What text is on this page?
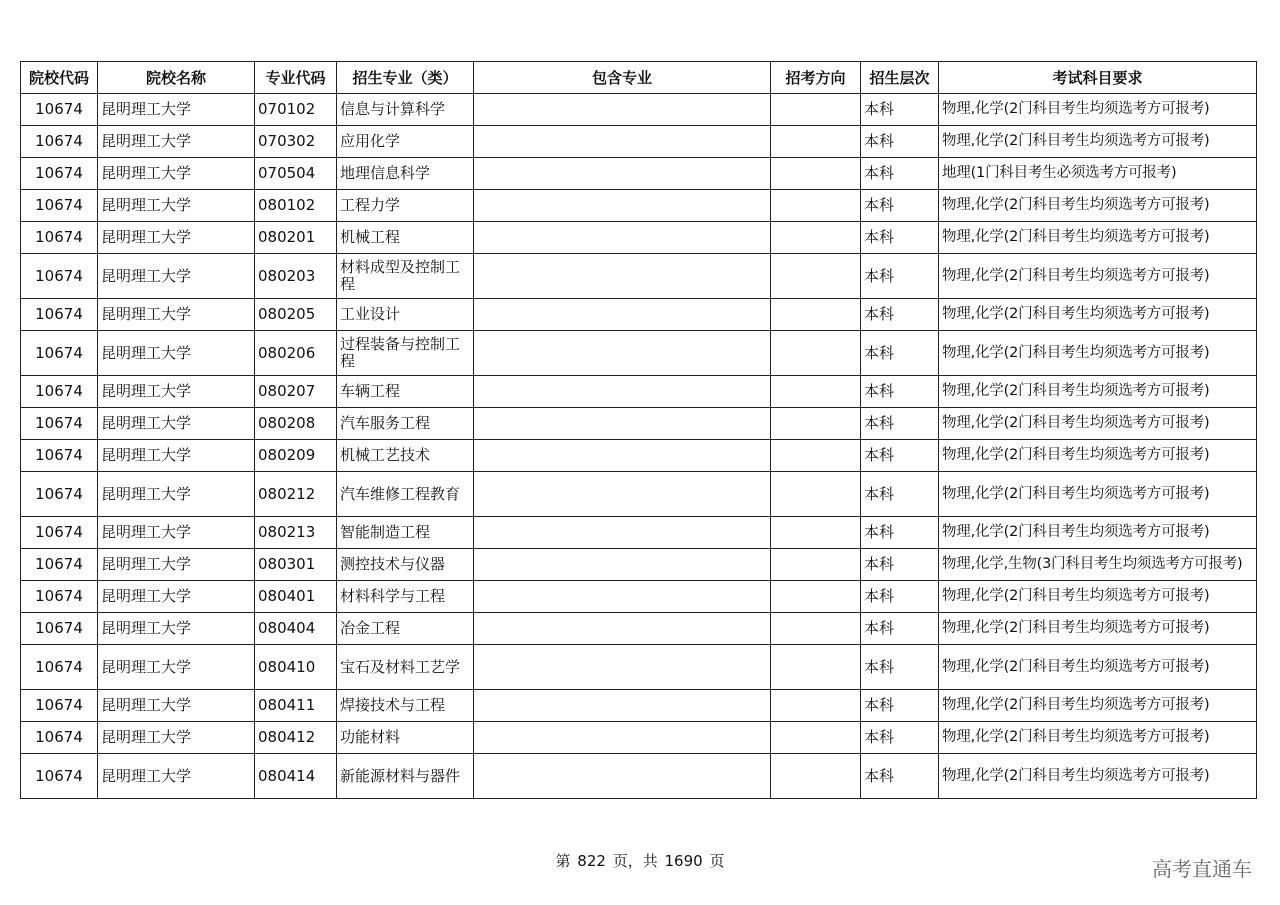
院校代码	院校名称	专业代码	招生专业（类）	包含专业	招考方向	招生层次	考试科目要求
10674	昆明理工大学	070102	信息与计算科学			本科	物理,化学(2门科目考生均须选考方可报考)
10674	昆明理工大学	070302	应用化学			本科	物理,化学(2门科目考生均须选考方可报考)
10674	昆明理工大学	070504	地理信息科学			本科	地理(1门科目考生必须选考方可报考)
10674	昆明理工大学	080102	工程力学			本科	物理,化学(2门科目考生均须选考方可报考)
10674	昆明理工大学	080201	机械工程			本科	物理,化学(2门科目考生均须选考方可报考)
10674	昆明理工大学	080203	材料成型及控制工程			本科	物理,化学(2门科目考生均须选考方可报考)
10674	昆明理工大学	080205	工业设计			本科	物理,化学(2门科目考生均须选考方可报考)
10674	昆明理工大学	080206	过程装备与控制工程			本科	物理,化学(2门科目考生均须选考方可报考)
10674	昆明理工大学	080207	车辆工程			本科	物理,化学(2门科目考生均须选考方可报考)
10674	昆明理工大学	080208	汽车服务工程			本科	物理,化学(2门科目考生均须选考方可报考)
10674	昆明理工大学	080209	机械工艺技术			本科	物理,化学(2门科目考生均须选考方可报考)
10674	昆明理工大学	080212	汽车维修工程教育			本科	物理,化学(2门科目考生均须选考方可报考)
10674	昆明理工大学	080213	智能制造工程			本科	物理,化学(2门科目考生均须选考方可报考)
10674	昆明理工大学	080301	测控技术与仪器			本科	物理,化学,生物(3门科目考生均须选考方可报考)
10674	昆明理工大学	080401	材料科学与工程			本科	物理,化学(2门科目考生均须选考方可报考)
10674	昆明理工大学	080404	冶金工程			本科	物理,化学(2门科目考生均须选考方可报考)
10674	昆明理工大学	080410	宝石及材料工艺学			本科	物理,化学(2门科目考生均须选考方可报考)
10674	昆明理工大学	080411	焊接技术与工程			本科	物理,化学(2门科目考生均须选考方可报考)
10674	昆明理工大学	080412	功能材料			本科	物理,化学(2门科目考生均须选考方可报考)
10674	昆明理工大学	080414	新能源材料与器件			本科	物理,化学(2门科目考生均须选考方可报考)
第 822 页，共 1690 页	高考直通车
